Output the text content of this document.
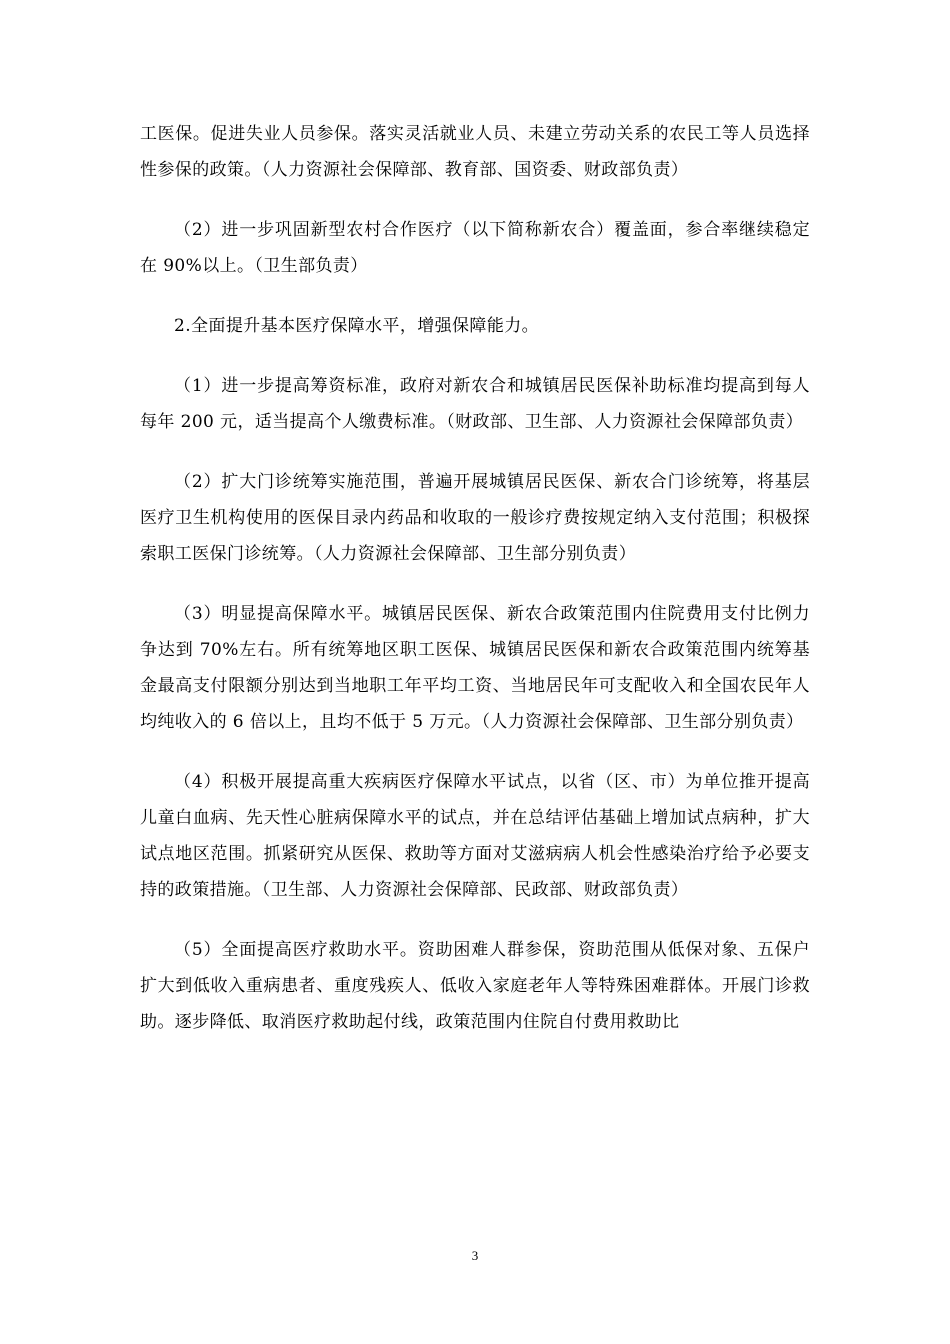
工医保。促进失业人员参保。落实灵活就业人员、未建立劳动关系的农民工等人员选择性参保的政策。（人力资源社会保障部、教育部、国资委、财政部负责）

（2）进一步巩固新型农村合作医疗（以下简称新农合）覆盖面，参合率继续稳定在 90%以上。（卫生部负责）

2.全面提升基本医疗保障水平，增强保障能力。

（1）进一步提高筹资标准，政府对新农合和城镇居民医保补助标准均提高到每人每年 200 元，适当提高个人缴费标准。（财政部、卫生部、人力资源社会保障部负责）

（2）扩大门诊统筹实施范围，普遍开展城镇居民医保、新农合门诊统筹，将基层医疗卫生机构使用的医保目录内药品和收取的一般诊疗费按规定纳入支付范围；积极探索职工医保门诊统筹。（人力资源社会保障部、卫生部分别负责）

（3）明显提高保障水平。城镇居民医保、新农合政策范围内住院费用支付比例力争达到 70%左右。所有统筹地区职工医保、城镇居民医保和新农合政策范围内统筹基金最高支付限额分别达到当地职工年平均工资、当地居民年可支配收入和全国农民年人均纯收入的 6 倍以上，且均不低于 5 万元。（人力资源社会保障部、卫生部分别负责）

（4）积极开展提高重大疾病医疗保障水平试点，以省（区、市）为单位推开提高儿童白血病、先天性心脏病保障水平的试点，并在总结评估基础上增加试点病种，扩大试点地区范围。抓紧研究从医保、救助等方面对艾滋病病人机会性感染治疗给予必要支持的政策措施。（卫生部、人力资源社会保障部、民政部、财政部负责）

（5）全面提高医疗救助水平。资助困难人群参保，资助范围从低保对象、五保户扩大到低收入重病患者、重度残疾人、低收入家庭老年人等特殊困难群体。开展门诊救助。逐步降低、取消医疗救助起付线，政策范围内住院自付费用救助比

3
